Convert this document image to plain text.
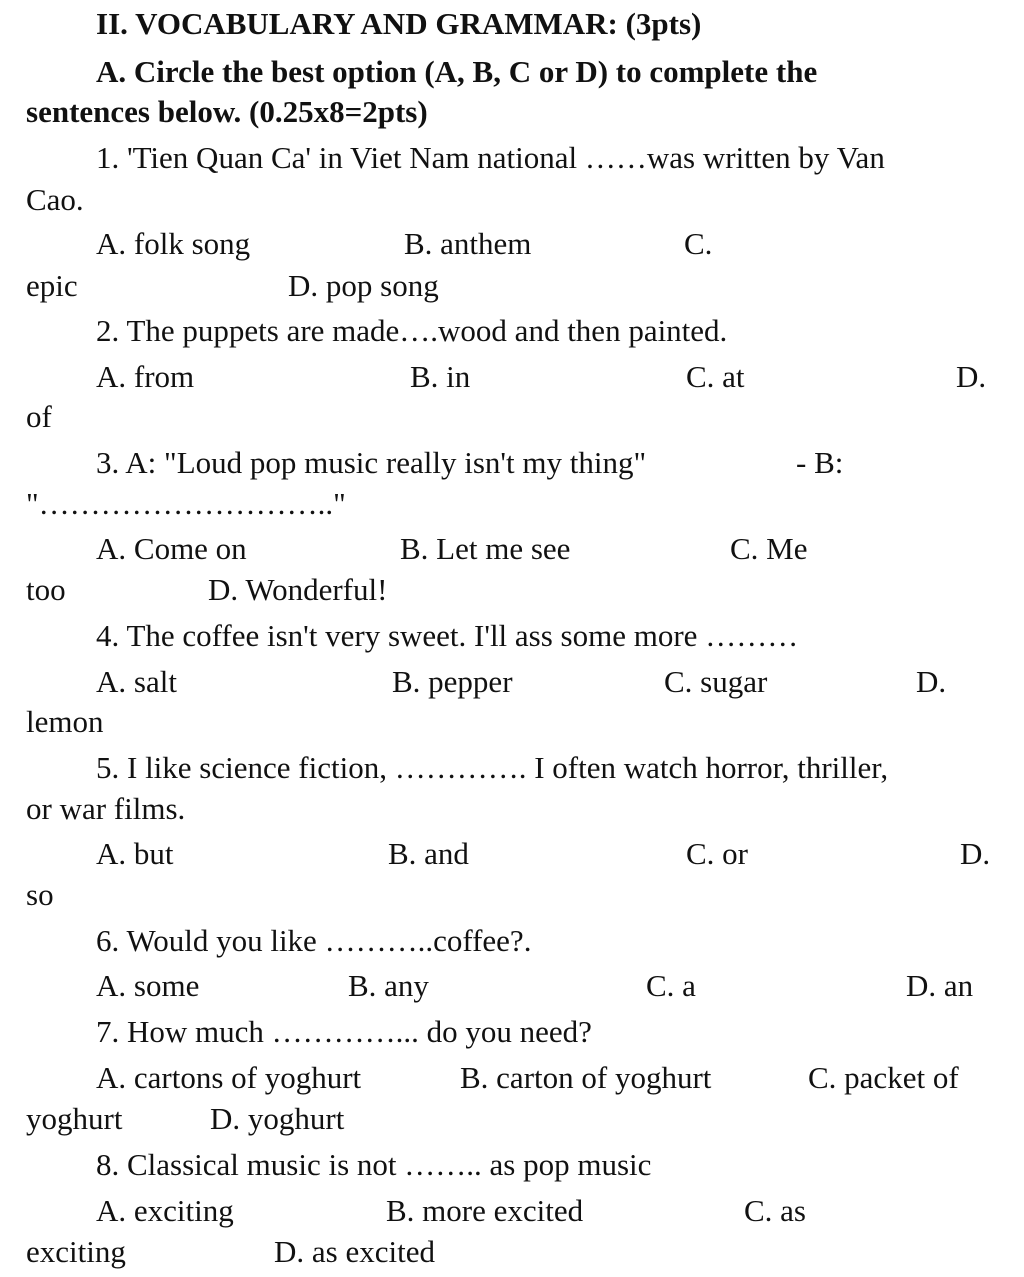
II. VOCABULARY AND GRAMMAR: (3pts)
A. Circle the best option (A, B, C or D) to complete the
sentences below. (0.25x8=2pts)
1. 'Tien Quan Ca' in Viet Nam national ……was written by Van
Cao.
A. folk song	B. anthem	C.
epic	D. pop song
2. The puppets are made….wood and then painted.
A. from	B. in	C. at	D.
of
3. A: "Loud pop music really isn't my thing"	- B:
"……………………….."
A. Come on	B. Let me see	C. Me
too	D. Wonderful!
4. The coffee isn't very sweet. I'll ass some more ………
A. salt	B. pepper	C. sugar	D.
lemon
5. I like science fiction, …………. I often watch horror, thriller,
or war films.
A. but	B. and	C. or	D.
so
6. Would you like ………..coffee?.
A. some	B. any	C. a	D. an
7. How much …………... do you need?
A. cartons of yoghurt	B. carton of yoghurt	C. packet of
yoghurt	D. yoghurt
8. Classical music is not …….. as pop music
A. exciting	B. more excited	C. as
exciting	D. as excited
